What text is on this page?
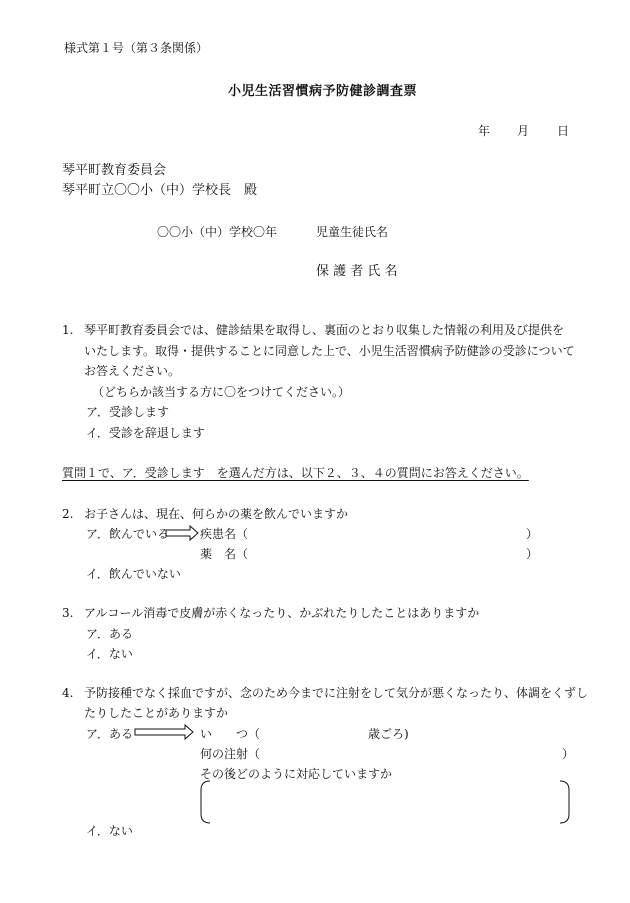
様式第１号（第３条関係）
小児生活習慣病予防健診調査票
年 月 日
琴平町教育委員会
琴平町立〇〇小（中）学校長　殿
〇〇小（中）学校〇年	児童生徒氏名
保 護 者 氏 名
1. 琴平町教育委員会では、健診結果を取得し、裏面のとおり収集した情報の利用及び提供を
いたします。取得・提供することに同意した上で、小児生活習慣病予防健診の受診について
お答えください。
（どちらか該当する方に〇をつけてください。）
ア．受診します
イ．受診を辞退します
質問１で、ア．受診します　を選んだ方は、以下２、３、４の質問にお答えください。
2. お子さんは、現在、何らかの薬を飲んでいますか
ア．飲んでいる	疾患名（	）
薬　名（	）
イ．飲んでいない
3. アルコール消毒で皮膚が赤くなったり、かぶれたりしたことはありますか
ア．ある
イ．ない
4. 予防接種でなく採血ですが、念のため今までに注射をして気分が悪くなったり、体調をくずし
たりしたことがありますか
ア．ある	い　　つ（	歳ごろ)
何の注射（	）
その後どのように対応していますか
イ．ない
